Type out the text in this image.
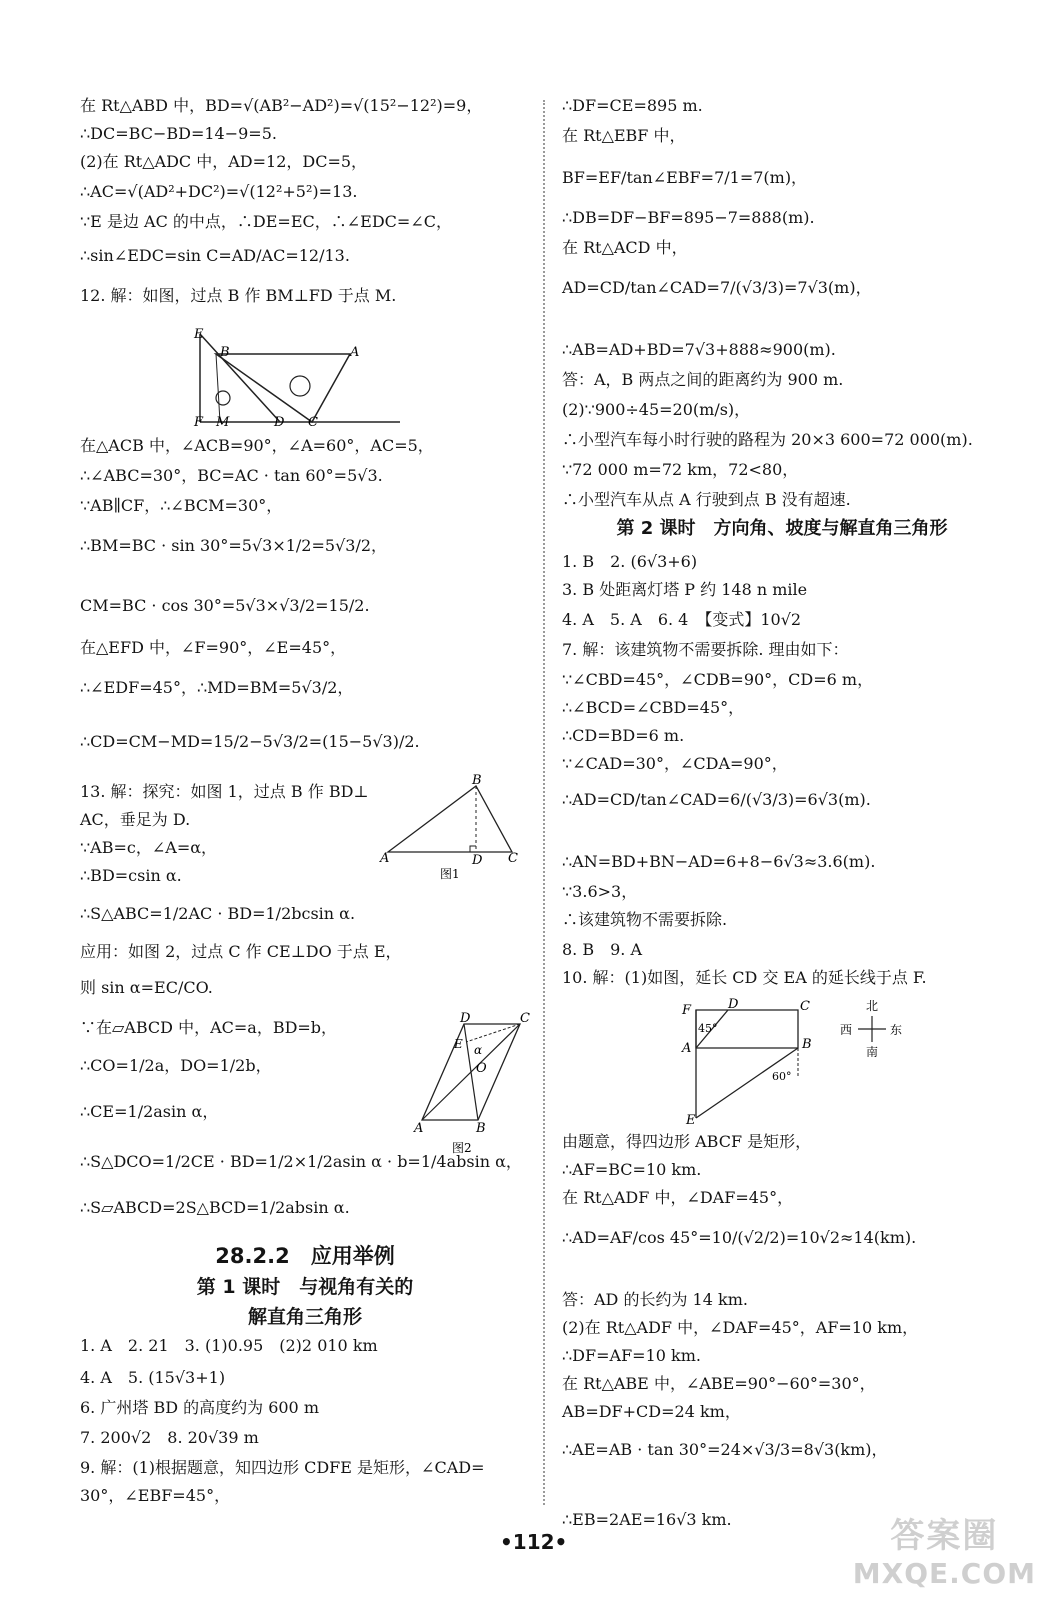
在 Rt△ABD 中，BD=√(AB²−AD²)=√(15²−12²)=9，
∴DC=BC−BD=14−9=5.
(2)在 Rt△ADC 中，AD=12，DC=5，
∴AC=√(AD²+DC²)=√(12²+5²)=13.
∵E 是边 AC 的中点，∴DE=EC，∴∠EDC=∠C，
∴sin∠EDC=sin C=AD/AC=12/13.
12. 解：如图，过点 B 作 BM⊥FD 于点 M.
E
B	A
F M	D C
在△ACB 中，∠ACB=90°，∠A=60°，AC=5，
∴∠ABC=30°，BC=AC · tan 60°=5√3.
∵AB∥CF，∴∠BCM=30°，
∴BM=BC · sin 30°=5√3×1/2=5√3/2，
CM=BC · cos 30°=5√3×√3/2=15/2.
在△EFD 中，∠F=90°，∠E=45°，
∴∠EDF=45°，∴MD=BM=5√3/2，
∴CD=CM−MD=15/2−5√3/2=(15−5√3)/2.
13. 解：探究：如图 1，过点 B 作 BD⊥
AC，垂足为 D.
∵AB=c，∠A=α，
∴BD=csin α.
∴S△ABC=1/2AC · BD=1/2bcsin α.
应用：如图 2，过点 C 作 CE⊥DO 于点 E，
则 sin α=EC/CO.
∵在▱ABCD 中，AC=a，BD=b，
∴CO=1/2a，DO=1/2b，
∴CE=1/2asin α，
∴S△DCO=1/2CE · BD=1/2×1/2asin α · b=1/4absin α，
∴S▱ABCD=2S△BCD=1/2absin α.
B
A	D C
图1
D	C
E α
O
A	B
图2
28.2.2　应用举例
第 1 课时　与视角有关的
解直角三角形
1. A　2. 21　3. (1)0.95　(2)2 010 km
4. A　5. (15√3+1)
6. 广州塔 BD 的高度约为 600 m
7. 200√2　8. 20√39 m
9. 解：(1)根据题意，知四边形 CDFE 是矩形，∠CAD=
30°，∠EBF=45°，
∴DF=CE=895 m.
在 Rt△EBF 中，
BF=EF/tan∠EBF=7/1=7(m)，
∴DB=DF−BF=895−7=888(m).
在 Rt△ACD 中，
AD=CD/tan∠CAD=7/(√3/3)=7√3(m)，
∴AB=AD+BD=7√3+888≈900(m).
答：A，B 两点之间的距离约为 900 m.
(2)∵900÷45=20(m/s)，
∴小型汽车每小时行驶的路程为 20×3 600=72 000(m).
∵72 000 m=72 km，72<80，
∴小型汽车从点 A 行驶到点 B 没有超速.
第 2 课时　方向角、坡度与解直角三角形
1. B　2. (6√3+6)
3. B 处距离灯塔 P 约 148 n mile
4. A　5. A　6. 4　【变式】10√2
7. 解：该建筑物不需要拆除. 理由如下：
∵∠CBD=45°，∠CDB=90°，CD=6 m，
∴∠BCD=∠CBD=45°，
∴CD=BD=6 m.
∵∠CAD=30°，∠CDA=90°，
∴AD=CD/tan∠CAD=6/(√3/3)=6√3(m).
∴AN=BD+BN−AD=6+8−6√3≈3.6(m).
∵3.6>3，
∴该建筑物不需要拆除.
8. B　9. A
10. 解：(1)如图，延长 CD 交 EA 的延长线于点 F.
F	D	C
45°
A	B
60°
E
北
西	东
南
由题意，得四边形 ABCF 是矩形，
∴AF=BC=10 km.
在 Rt△ADF 中，∠DAF=45°，
∴AD=AF/cos 45°=10/(√2/2)=10√2≈14(km).
答：AD 的长约为 14 km.
(2)在 Rt△ADF 中，∠DAF=45°，AF=10 km，
∴DF=AF=10 km.
在 Rt△ABE 中，∠ABE=90°−60°=30°，
AB=DF+CD=24 km，
∴AE=AB · tan 30°=24×√3/3=8√3(km)，
∴EB=2AE=16√3 km.
•112•	答案圈
MXQE.COM
